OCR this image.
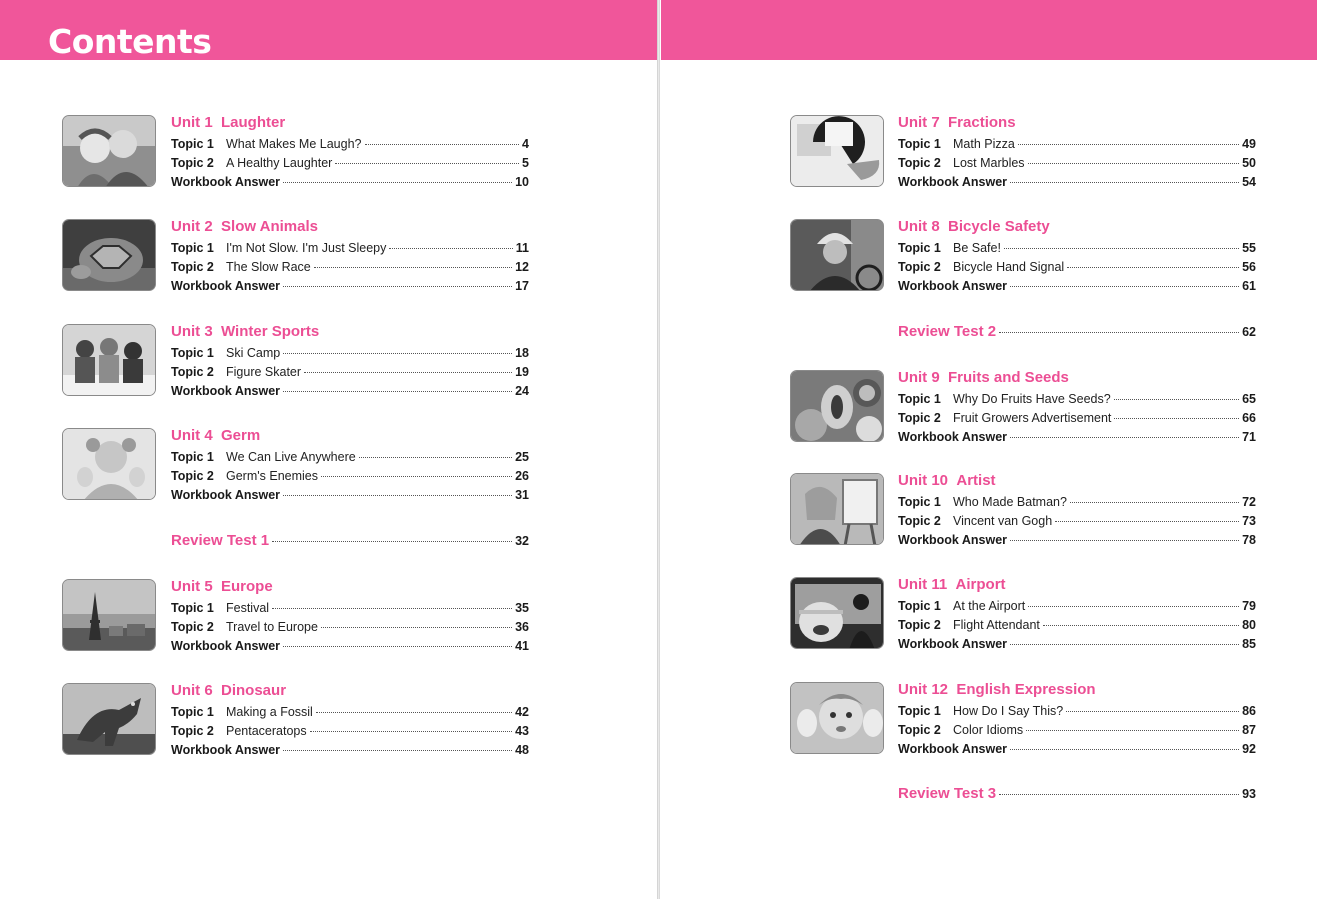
Contents
Unit 1 Laughter
Topic 1 What Makes Me Laugh?	4
Topic 2 A Healthy Laughter	5
Workbook Answer	10
Unit 2 Slow Animals
Topic 1 I'm Not Slow. I'm Just Sleepy	11
Topic 2 The Slow Race	12
Workbook Answer	17
Unit 3 Winter Sports
Topic 1 Ski Camp	18
Topic 2 Figure Skater	19
Workbook Answer	24
Unit 4 Germ
Topic 1 We Can Live Anywhere	25
Topic 2 Germ's Enemies	26
Workbook Answer	31
Review Test 1	32
Unit 5 Europe
Topic 1 Festival	35
Topic 2 Travel to Europe	36
Workbook Answer	41
Unit 6 Dinosaur
Topic 1 Making a Fossil	42
Topic 2 Pentaceratops	43
Workbook Answer	48
Unit 7 Fractions
Topic 1 Math Pizza	49
Topic 2 Lost Marbles	50
Workbook Answer	54
Unit 8 Bicycle Safety
Topic 1 Be Safe!	55
Topic 2 Bicycle Hand Signal	56
Workbook Answer	61
Review Test 2	62
Unit 9 Fruits and Seeds
Topic 1 Why Do Fruits Have Seeds?	65
Topic 2 Fruit Growers Advertisement	66
Workbook Answer	71
Unit 10 Artist
Topic 1 Who Made Batman?	72
Topic 2 Vincent van Gogh	73
Workbook Answer	78
Unit 11 Airport
Topic 1 At the Airport	79
Topic 2 Flight Attendant	80
Workbook Answer	85
Unit 12 English Expression
Topic 1 How Do I Say This?	86
Topic 2 Color Idioms	87
Workbook Answer	92
Review Test 3	93
